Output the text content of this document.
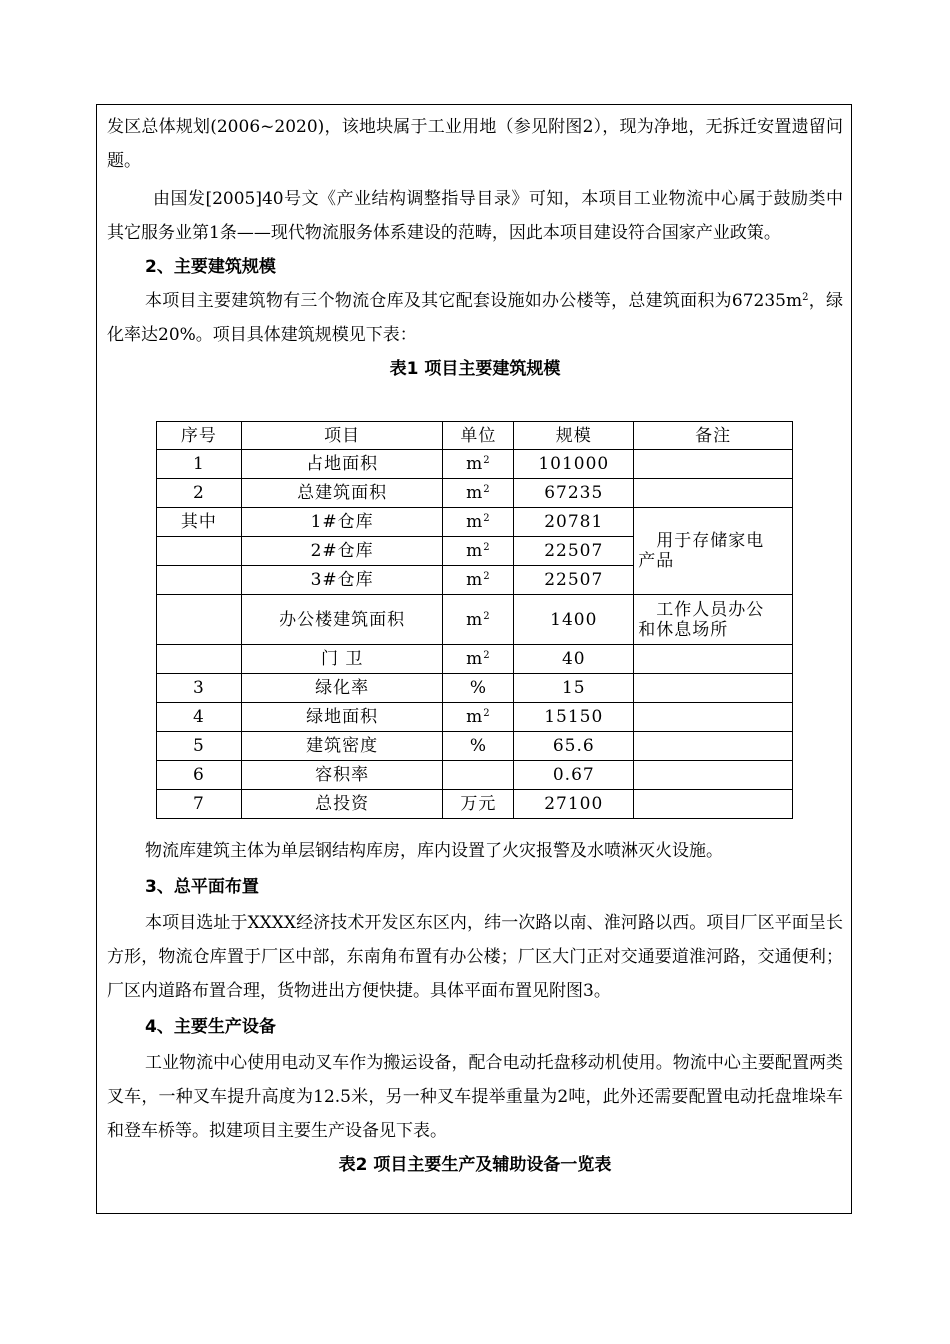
发区总体规划(2006~2020)，该地块属于工业用地（参见附图2），现为净地，无拆迁安置遗留问题。

由国发[2005]40号文《产业结构调整指导目录》可知，本项目工业物流中心属于鼓励类中其它服务业第1条——现代物流服务体系建设的范畴，因此本项目建设符合国家产业政策。

2、主要建筑规模

本项目主要建筑物有三个物流仓库及其它配套设施如办公楼等，总建筑面积为$67235m^2$，绿化率达20%。项目具体建筑规模见下表：

表1 项目主要建筑规模
序号	项目	单位	规模	备注
1	占地面积	$m^2$	101000	
2	总建筑面积	$m^2$	67235	
其中	1#仓库	$m^2$	20781	用于存储家电
产品

	2#仓库	$m^2$	22507	
	3#仓库	$m^2$	22507	
	办公楼建筑面积	$m^2$	1400	工作人员办公
和休息场所

	门 卫	$m^2$	40	
3	绿化率	%	15	
4	绿地面积	$m^2$	15150	
5	建筑密度	%	65.6	
6	容积率		0.67	
7	总投资	万元	27100	

物流库建筑主体为单层钢结构库房，库内设置了火灾报警及水喷淋灭火设施。

3、总平面布置

本项目选址于XXXX经济技术开发区东区内，纬一次路以南、淮河路以西。项目厂区平面呈长方形，物流仓库置于厂区中部，东南角布置有办公楼；厂区大门正对交通要道淮河路，交通便利；厂区内道路布置合理，货物进出方便快捷。具体平面布置见附图3。

4、主要生产设备

工业物流中心使用电动叉车作为搬运设备，配合电动托盘移动机使用。物流中心主要配置两类叉车，一种叉车提升高度为12.5米，另一种叉车提举重量为2吨，此外还需要配置电动托盘堆垛车和登车桥等。拟建项目主要生产设备见下表。

表2 项目主要生产及辅助设备一览表
